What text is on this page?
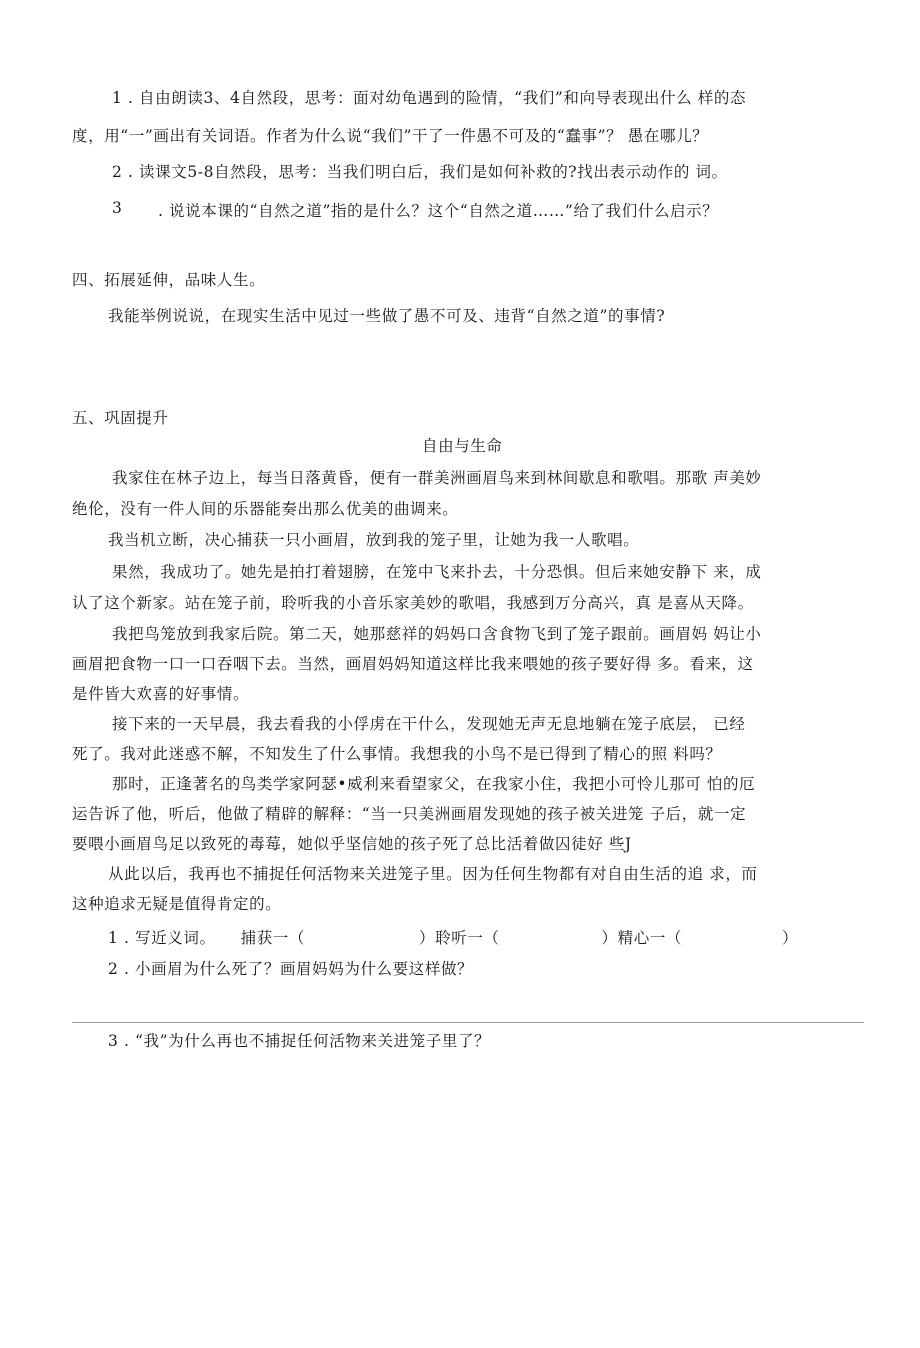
1 . 自由朗读3、4自然段，思考：面对幼龟遇到的险情，“我们”和向导表现出什么 样的态
度，用“一”画出有关词语。作者为什么说“我们”干了一件愚不可及的“蠢事”？ 愚在哪儿？
2 . 读课文5-8自然段，思考：当我们明白后，我们是如何补救的?找出表示动作的 词。
3 . 说说本课的“自然之道”指的是什么？这个“自然之道……”给了我们什么启示？
四、拓展延伸，品味人生。
我能举例说说，在现实生活中见过一些做了愚不可及、违背“自然之道”的事情?
五、巩固提升
自由与生命
我家住在林子边上，每当日落黄昏，便有一群美洲画眉鸟来到林间歇息和歌唱。那歌 声美妙
绝伦，没有一件人间的乐器能奏出那么优美的曲调来。
我当机立断，决心捕获一只小画眉，放到我的笼子里，让她为我一人歌唱。
果然，我成功了。她先是拍打着翅膀，在笼中飞来扑去，十分恐惧。但后来她安静下 来，成
认了这个新家。站在笼子前，聆听我的小音乐家美妙的歌唱，我感到万分高兴，真 是喜从天降。
我把鸟笼放到我家后院。第二天，她那慈祥的妈妈口含食物飞到了笼子跟前。画眉妈 妈让小
画眉把食物一口一口吞咽下去。当然，画眉妈妈知道这样比我来喂她的孩子要好得 多。看来，这
是件皆大欢喜的好事情。
接下来的一天早晨，我去看我的小俘虏在干什么，发现她无声无息地躺在笼子底层， 已经
死了。我对此迷惑不解，不知发生了什么事情。我想我的小鸟不是已得到了精心的照 料吗？
那时，正逢著名的鸟类学家阿瑟•威利来看望家父，在我家小住，我把小可怜儿那可 怕的厄
运告诉了他，听后，他做了精辟的解释：“当一只美洲画眉发现她的孩子被关进笼 子后，就一定
要喂小画眉鸟足以致死的毒莓，她似乎坚信她的孩子死了总比活着做囚徒好 些J
从此以后，我再也不捕捉任何活物来关进笼子里。因为任何生物都有对自由生活的追 求，而
这种追求无疑是值得肯定的。
1 . 写近义词。 捕获一（	）聆听一（	）精心一（	）
2 . 小画眉为什么死了？画眉妈妈为什么要这样做？
3 . “我”为什么再也不捕捉任何活物来关进笼子里了？
